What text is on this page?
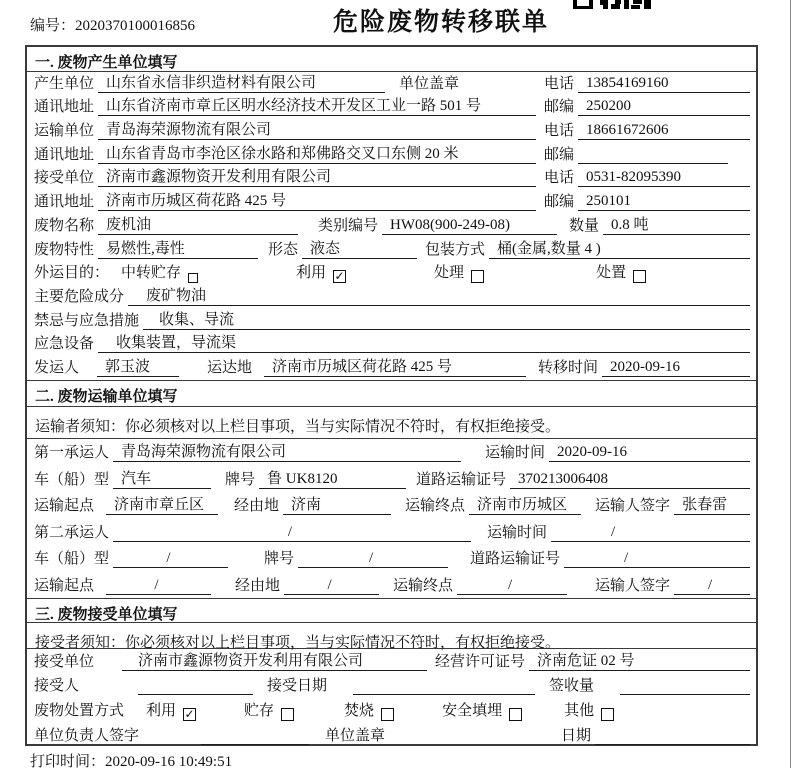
编号：2020370100016856	危险废物转移联单
一. 废物产生单位填写
产生单位 山东省永信非织造材料有限公司	单位盖章	电话 13854169160
通讯地址 山东省济南市章丘区明水经济技术开发区工业一路 501 号	邮编 250200
运输单位 青岛海荣源物流有限公司	电话 18661672606
通讯地址 山东省青岛市李沧区徐水路和郑佛路交叉口东侧 20 米	邮编
接受单位 济南市鑫源物资开发利用有限公司	电话 0531-82095390
通讯地址 济南市历城区荷花路 425 号	邮编 250101
废物名称 废机油	类别编号 HW08(900-249-08)	数量 0.8 吨
废物特性 易燃性,毒性	形态 液态	包装方式 桶(金属,数量 4 )
外运目的： 中转贮存	利用 ✓	处理	处置
主要危险成分	废矿物油
禁忌与应急措施	收集、导流
应急设备	收集装置，导流渠
发运人	郭玉波	运达地	济南市历城区荷花路 425 号	转移时间 2020-09-16
二. 废物运输单位填写
运输者须知：你必须核对以上栏目事项，当与实际情况不符时，有权拒绝接受。
第一承运人 青岛海荣源物流有限公司	运输时间 2020-09-16
车（船）型 汽车	牌号 鲁 UK8120	道路运输证号 370213006408
运输起点	济南市章丘区	经由地 济南	运输终点 济南市历城区	运输人签字 张春雷
第二承运人	/	运输时间	/
车（船）型	/	牌号	/	道路运输证号	/
运输起点	/	经由地	/	运输终点	/	运输人签字	/
三. 废物接受单位填写
接受者须知：你必须核对以上栏目事项，当与实际情况不符时，有权拒绝接受。
接受单位	济南市鑫源物资开发利用有限公司	经营许可证号 济南危证 02 号
接受人	接受日期	签收量
废物处置方式 利用 ✓	贮存	焚烧	安全填埋	其他
单位负责人签字	单位盖章	日期
打印时间：2020-09-16 10:49:51
